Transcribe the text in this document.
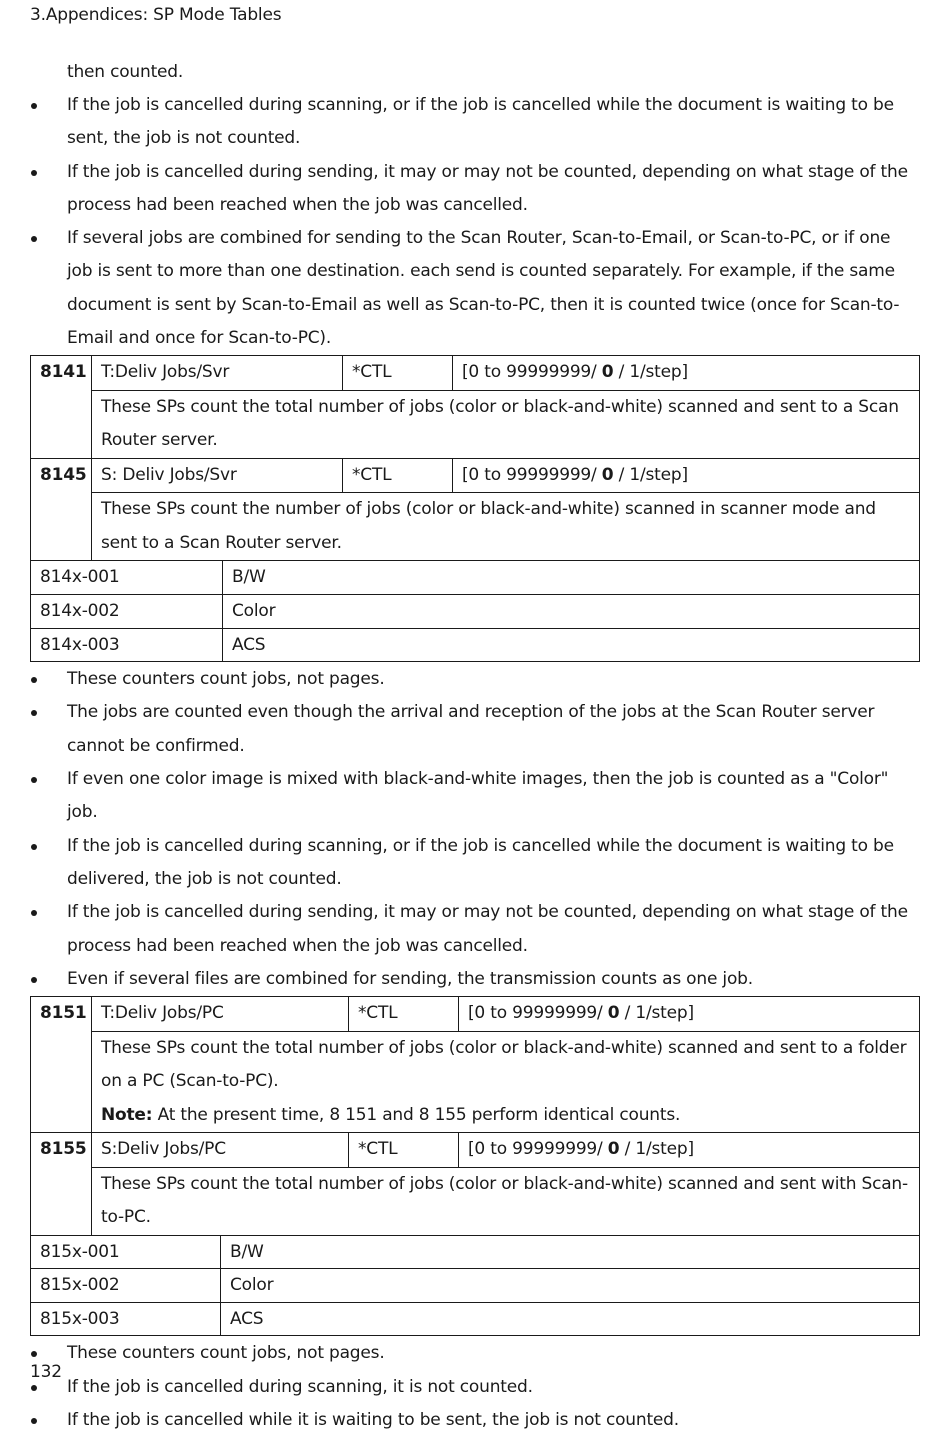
3.Appendices: SP Mode Tables
then counted.
If the job is cancelled during scanning, or if the job is cancelled while the document is waiting to be sent, the job is not counted.
If the job is cancelled during sending, it may or may not be counted, depending on what stage of the process had been reached when the job was cancelled.
If several jobs are combined for sending to the Scan Router, Scan-to-Email, or Scan-to-PC, or if one job is sent to more than one destination. each send is counted separately. For example, if the same document is sent by Scan-to-Email as well as Scan-to-PC, then it is counted twice (once for Scan-to-Email and once for Scan-to-PC).
8141	T:Deliv Jobs/Svr	*CTL	[0 to 99999999/ 0 / 1/step]
	These SPs count the total number of jobs (color or black-and-white) scanned and sent to a Scan Router server.		
8145	S: Deliv Jobs/Svr	*CTL	[0 to 99999999/ 0 / 1/step]
	These SPs count the number of jobs (color or black-and-white) scanned in scanner mode and sent to a Scan Router server.		
814x-001	B/W
814x-002	Color
814x-003	ACS
These counters count jobs, not pages.
The jobs are counted even though the arrival and reception of the jobs at the Scan Router server cannot be confirmed.
If even one color image is mixed with black-and-white images, then the job is counted as a "Color" job.
If the job is cancelled during scanning, or if the job is cancelled while the document is waiting to be delivered, the job is not counted.
If the job is cancelled during sending, it may or may not be counted, depending on what stage of the process had been reached when the job was cancelled.
Even if several files are combined for sending, the transmission counts as one job.
8151	T:Deliv Jobs/PC	*CTL	[0 to 99999999/ 0 / 1/step]

	These SPs count the total number of jobs (color or black-and-white) scanned and sent to a folder on a PC (Scan-to-PC).
Note: At the present time, 8 151 and 8 155 perform identical counts.		

8155	S:Deliv Jobs/PC	*CTL	[0 to 99999999/ 0 / 1/step]
	These SPs count the total number of jobs (color or black-and-white) scanned and sent with Scan-to-PC.		
815x-001	B/W
815x-002	Color
815x-003	ACS
These counters count jobs, not pages.
If the job is cancelled during scanning, it is not counted.
If the job is cancelled while it is waiting to be sent, the job is not counted.
132
